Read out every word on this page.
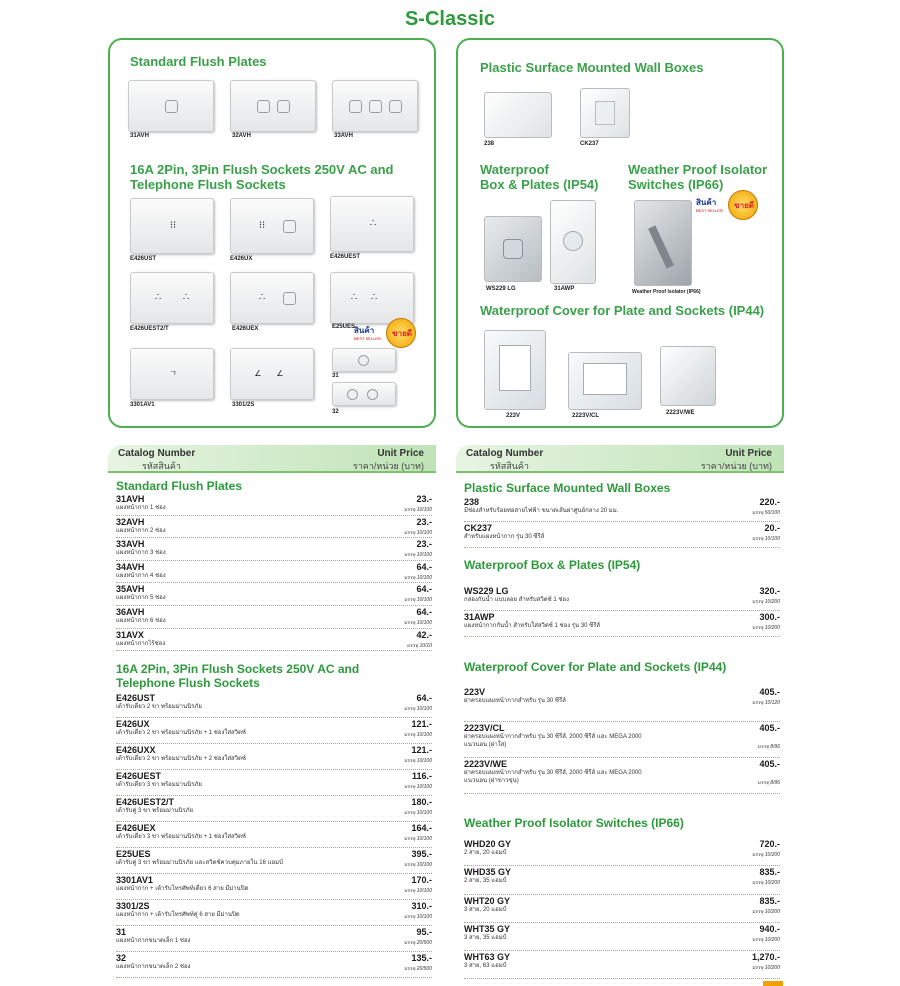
S-Classic
Standard Flush Plates
31AVH	32AVH	33AVH
16A 2Pin, 3Pin Flush Sockets 250V AC and
Telephone Flush Sockets
⁝⁝	⁝⁝	∴
E426UST	E426UX	E426UEST
∴ ∴	∴	∴ ∴
E426UEST2/T	E426UEX	E25UES
สินค้า ขายดี
BEST SELLER
ㄱ	∠ ∠
3301AV1	3301/2S
31
32
Plastic Surface Mounted Wall Boxes
238	CK237
Waterproof
Box & Plates (IP54)
Weather Proof Isolator
Switches (IP66)
WS229 LG	31AWP	Weather Proof Isolator (IP66)
สินค้า ขายดี
BEST SELLER
Waterproof Cover for Plate and Sockets (IP44)
223V	2223V/CL	2223V/WE
Catalog Number
รหัสสินค้า
Unit Price
ราคา/หน่วย (บาท)
Catalog Number
รหัสสินค้า
Unit Price
ราคา/หน่วย (บาท)
Standard Flush Plates
31AVH
แผงหน้ากาก 1 ช่อง
23.-
บรรจุ 10/100
32AVH
แผงหน้ากาก 2 ช่อง
23.-
บรรจุ 10/100
33AVH
แผงหน้ากาก 3 ช่อง
23.-
บรรจุ 10/100
34AVH
แผงหน้ากาก 4 ช่อง
64.-
บรรจุ 10/100
35AVH
แผงหน้ากาก 5 ช่อง
64.-
บรรจุ 10/100
36AVH
แผงหน้ากาก 6 ช่อง
64.-
บรรจุ 10/100
31AVX
แผงหน้ากากไร้ช่อง
42.-
บรรจุ 10/10
16A 2Pin, 3Pin Flush Sockets 250V AC and
Telephone Flush Sockets
E426UST
เต้ารับเดี่ยว 2 ขา พร้อมม่านนิรภัย
64.-
บรรจุ 10/100
E426UX
เต้ารับเดี่ยว 2 ขา พร้อมม่านนิรภัย + 1 ช่องใส่สวิตซ์
121.-
บรรจุ 10/100
E426UXX
เต้ารับเดี่ยว 2 ขา พร้อมม่านนิรภัย + 2 ช่องใส่สวิตซ์
121.-
บรรจุ 10/100
E426UEST
เต้ารับเดี่ยว 3 ขา พร้อมม่านนิรภัย
116.-
บรรจุ 10/100
E426UEST2/T
เต้ารับคู่ 3 ขา พร้อมม่านนิรภัย
180.-
บรรจุ 10/100
E426UEX
เต้ารับเดี่ยว 3 ขา พร้อมม่านนิรภัย + 1 ช่องใส่สวิตซ์
164.-
บรรจุ 10/100
E25UES
เต้ารับคู่ 3 ขา พร้อมม่านนิรภัย และสวิตช์ควบคุมภายใน 16 แอมป์
395.-
บรรจุ 10/100
3301AV1
แผงหน้ากาก + เต้ารับโทรศัพท์เดี่ยว 6 สาย มีม่านปิด
170.-
บรรจุ 10/100
3301/2S
แผงหน้ากาก + เต้ารับโทรศัพท์คู่ 6 สาย มีม่านปิด
310.-
บรรจุ 10/100
31
แผงหน้ากากขนาดเล็ก 1 ช่อง
95.-
บรรจุ 20/500
32
แผงหน้ากากขนาดเล็ก 2 ช่อง
135.-
บรรจุ 20/500
Plastic Surface Mounted Wall Boxes
238
มีช่องสำหรับร้อยท่อสายไฟฟ้า ขนาดเส้นผ่าศูนย์กลาง 20 มม.
220.-
บรรจุ 50/100
CK237
สำหรับแผงหน้ากาก รุ่น 30 ซีรีส์
20.-
บรรจุ 10/100
Waterproof Box & Plates (IP54)
WS229 LG
กล่องกันน้ำ แบบลอย สำหรับสวิตซ์ 1 ช่อง
320.-
บรรจุ 10/200
31AWP
แผงหน้ากากกันน้ำ สำหรับใส่สวิตซ์ 1 ช่อง รุ่น 30 ซีรีส์
300.-
บรรจุ 10/200
Waterproof Cover for Plate and Sockets (IP44)
223V
ฝาครอบแผงหน้ากากสำหรับ รุ่น 30 ซีรีส์
405.-
บรรจุ 10/120
2223V/CL
ฝาครอบแผงหน้ากากสำหรับ รุ่น 30 ซีรีส์, 2000 ซีรีส์ และ MEGA 2000
แนวนอน (ฝาใส)
405.-
บรรจุ 8/96
2223V/WE
ฝาครอบแผงหน้ากากสำหรับ รุ่น 30 ซีรีส์, 2000 ซีรีส์ และ MEGA 2000
แนวนอน (ฝาขาวขุ่น)
405.-
บรรจุ 8/96
Weather Proof Isolator Switches (IP66)
WHD20 GY
2 สาย, 20 แอมป์
720.-
บรรจุ 10/200
WHD35 GY
2 สาย, 35 แอมป์
835.-
บรรจุ 10/200
WHT20 GY
3 สาย, 20 แอมป์
835.-
บรรจุ 10/200
WHT35 GY
3 สาย, 35 แอมป์
940.-
บรรจุ 10/200
WHT63 GY
3 สาย, 63 แอมป์
1,270.-
บรรจุ 10/200
